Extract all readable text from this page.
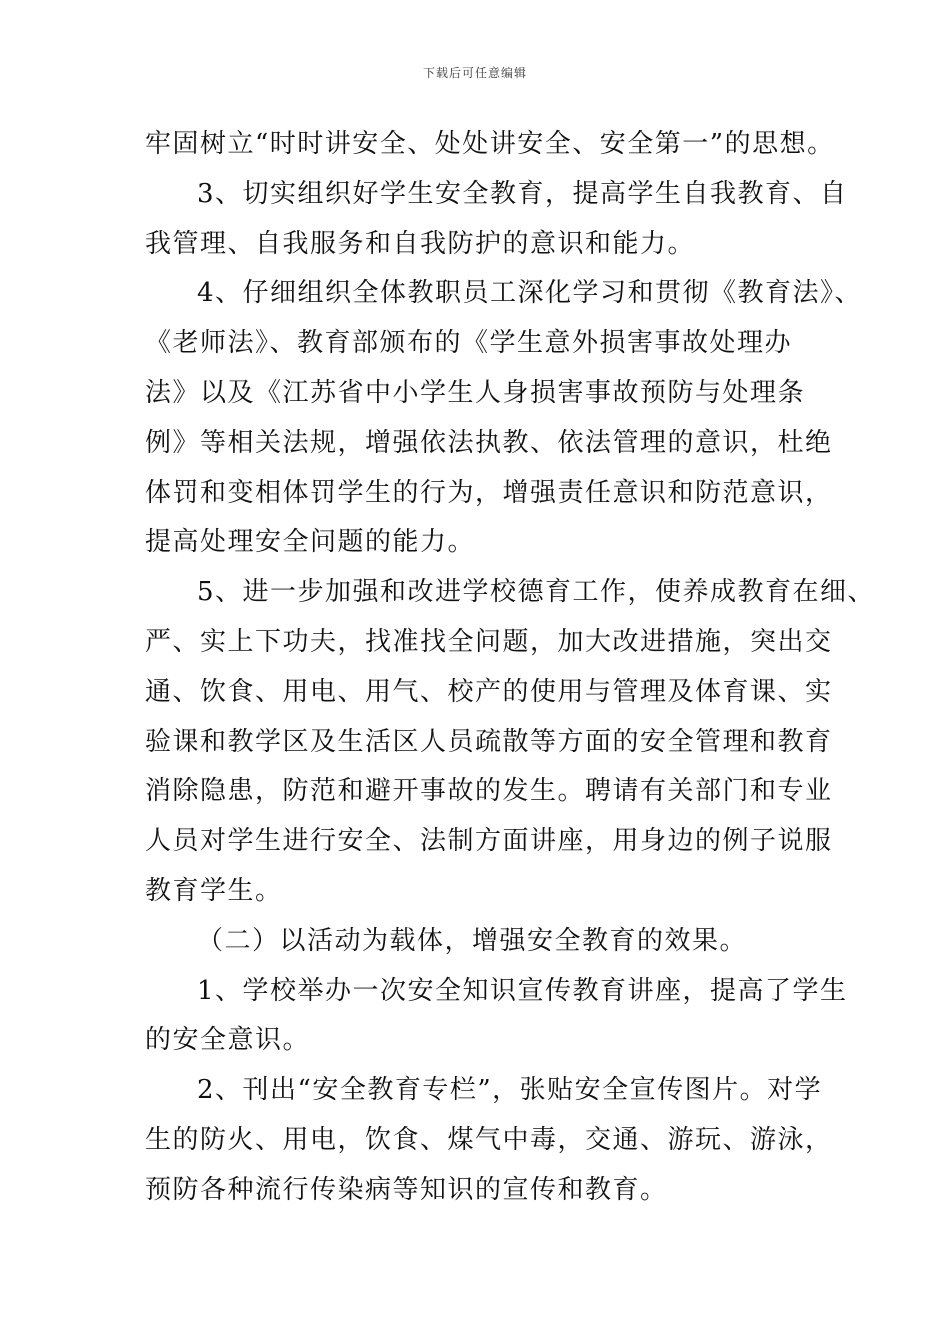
下载后可任意编辑
牢固树立“时时讲安全、处处讲安全、安全第一”的思想。
3、切实组织好学生安全教育，提高学生自我教育、自
我管理、自我服务和自我防护的意识和能力。
4、仔细组织全体教职员工深化学习和贯彻《教育法》、
《老师法》、教育部颁布的《学生意外损害事故处理办
法》以及《江苏省中小学生人身损害事故预防与处理条
例》等相关法规，增强依法执教、依法管理的意识，杜绝
体罚和变相体罚学生的行为，增强责任意识和防范意识，
提高处理安全问题的能力。
5、进一步加强和改进学校德育工作，使养成教育在细、
严、实上下功夫，找准找全问题，加大改进措施，突出交
通、饮食、用电、用气、校产的使用与管理及体育课、实
验课和教学区及生活区人员疏散等方面的安全管理和教育
消除隐患，防范和避开事故的发生。聘请有关部门和专业
人员对学生进行安全、法制方面讲座，用身边的例子说服
教育学生。
（二）以活动为载体，增强安全教育的效果。
1、学校举办一次安全知识宣传教育讲座，提高了学生
的安全意识。
2、刊出“安全教育专栏”，张贴安全宣传图片。对学
生的防火、用电，饮食、煤气中毒，交通、游玩、游泳，
预防各种流行传染病等知识的宣传和教育。
